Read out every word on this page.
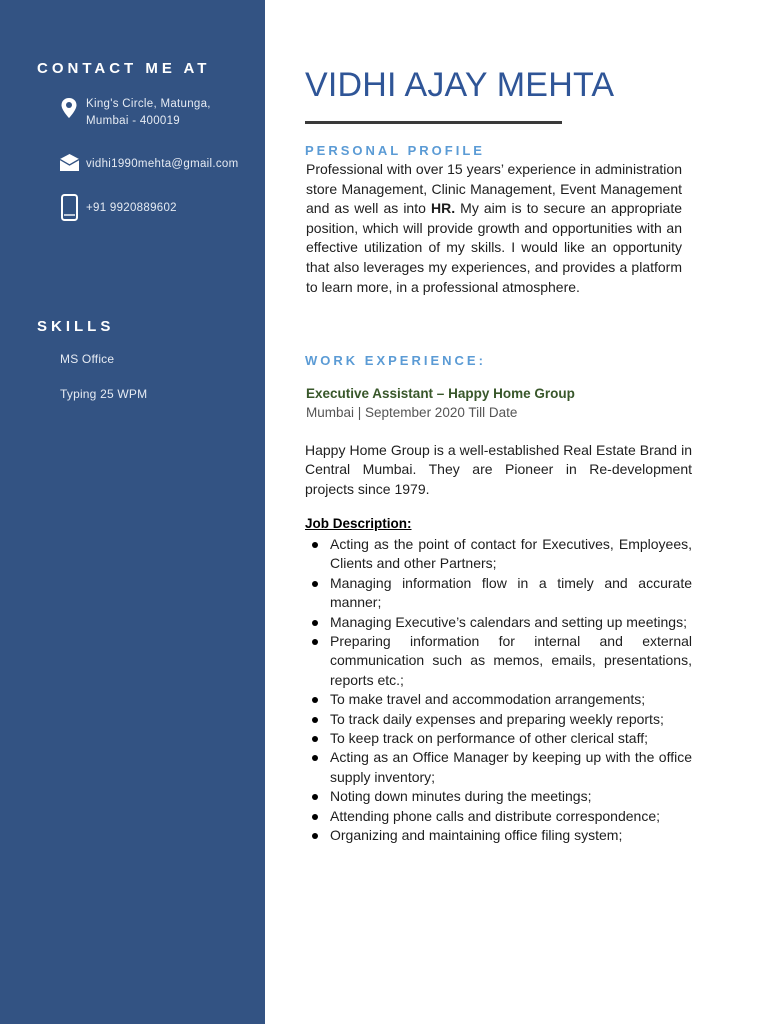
CONTACT ME AT
King's Circle, Matunga,
Mumbai - 400019
vidhi1990mehta@gmail.com
+91 9920889602
SKILLS
MS Office
Typing 25 WPM
VIDHI AJAY MEHTA
PERSONAL PROFILE
Professional with over 15 years’ experience in administration store Management, Clinic Management, Event Management and as well as into HR. My aim is to secure an appropriate position, which will provide growth and opportunities with an effective utilization of my skills. I would like an opportunity that also leverages my experiences, and provides a platform to learn more, in a professional atmosphere.
WORK EXPERIENCE:
Executive Assistant – Happy Home Group
Mumbai | September 2020 Till Date
Happy Home Group is a well-established Real Estate Brand in Central Mumbai. They are Pioneer in Re-development projects since 1979.
Job Description:
Acting as the point of contact for Executives, Employees, Clients and other Partners;
Managing information flow in a timely and accurate manner;
Managing Executive’s calendars and setting up meetings;
Preparing information for internal and external communication such as memos, emails, presentations, reports etc.;
To make travel and accommodation arrangements;
To track daily expenses and preparing weekly reports;
To keep track on performance of other clerical staff;
Acting as an Office Manager by keeping up with the office supply inventory;
Noting down minutes during the meetings;
Attending phone calls and distribute correspondence;
Organizing and maintaining office filing system;
